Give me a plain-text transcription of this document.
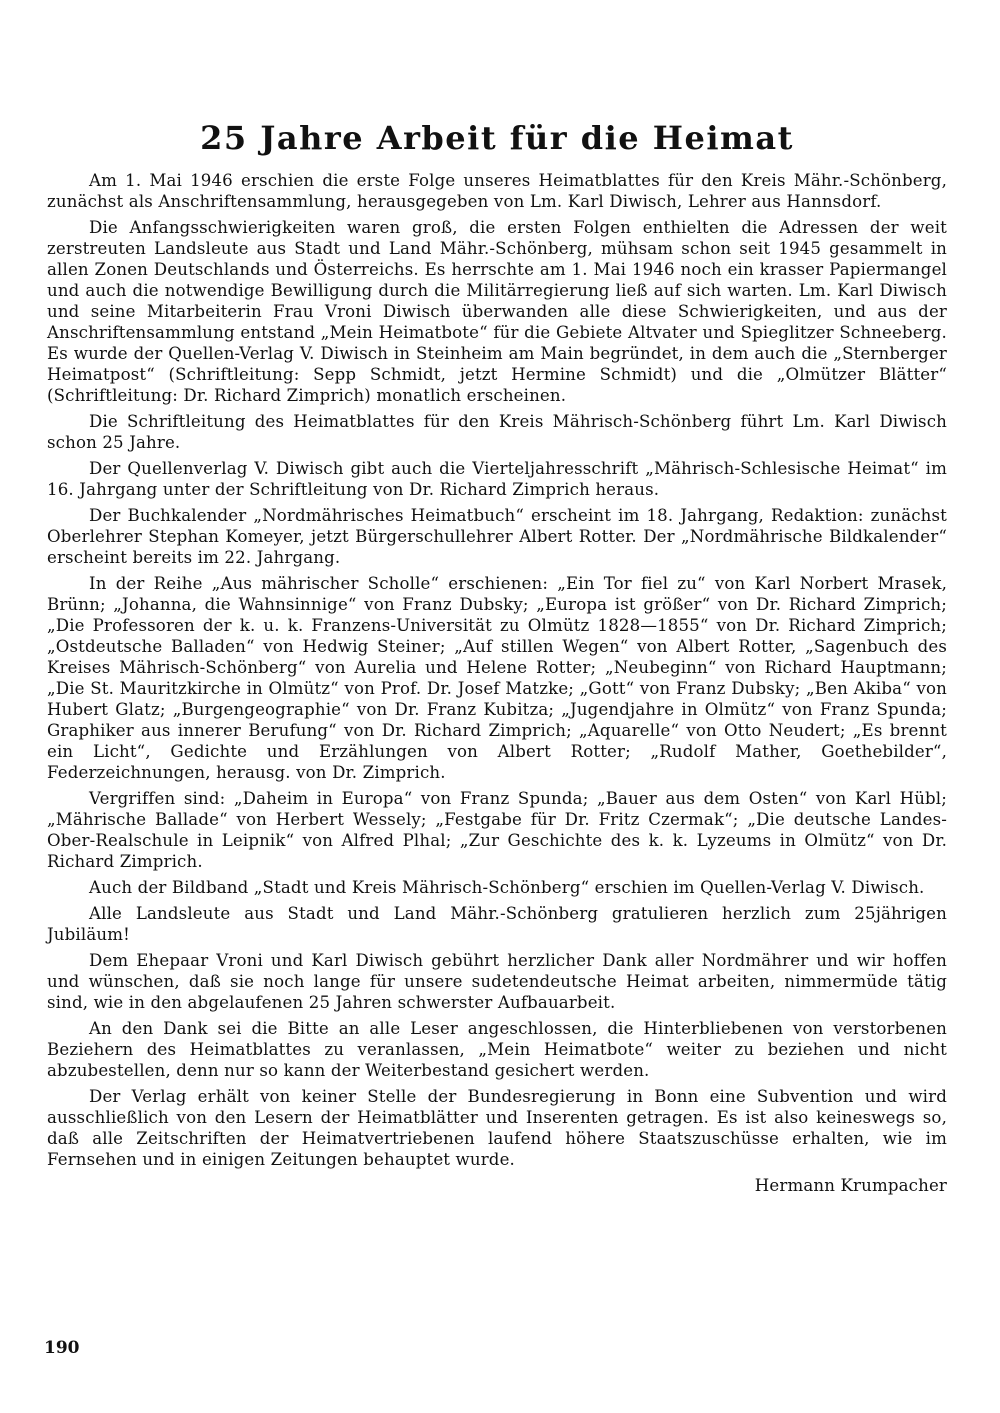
25 Jahre Arbeit für die Heimat

Am 1. Mai 1946 erschien die erste Folge unseres Heimatblattes für den Kreis Mähr.-Schönberg, zunächst als Anschriftensammlung, herausgegeben von Lm. Karl Diwisch, Lehrer aus Hannsdorf.

Die Anfangsschwierigkeiten waren groß, die ersten Folgen enthielten die Adressen der weit zerstreuten Landsleute aus Stadt und Land Mähr.-Schönberg, mühsam schon seit 1945 gesammelt in allen Zonen Deutschlands und Österreichs. Es herrschte am 1. Mai 1946 noch ein krasser Papiermangel und auch die notwendige Bewilligung durch die Militärregierung ließ auf sich warten. Lm. Karl Diwisch und seine Mitarbeiterin Frau Vroni Diwisch überwanden alle diese Schwierigkeiten, und aus der Anschriftensammlung entstand „Mein Heimatbote“ für die Gebiete Altvater und Spieglitzer Schneeberg. Es wurde der Quellen-Verlag V. Diwisch in Steinheim am Main begründet, in dem auch die „Sternberger Heimatpost“ (Schriftleitung: Sepp Schmidt, jetzt Hermine Schmidt) und die „Olmützer Blätter“ (Schriftleitung: Dr. Richard Zimprich) monatlich erscheinen.

Die Schriftleitung des Heimatblattes für den Kreis Mährisch-Schönberg führt Lm. Karl Diwisch schon 25 Jahre.

Der Quellenverlag V. Diwisch gibt auch die Vierteljahresschrift „Mährisch-Schlesische Heimat“ im 16. Jahrgang unter der Schriftleitung von Dr. Richard Zimprich heraus.

Der Buchkalender „Nordmährisches Heimatbuch“ erscheint im 18. Jahrgang, Redaktion: zunächst Oberlehrer Stephan Komeyer, jetzt Bürgerschullehrer Albert Rotter. Der „Nordmährische Bildkalender“ erscheint bereits im 22. Jahrgang.

In der Reihe „Aus mährischer Scholle“ erschienen: „Ein Tor fiel zu“ von Karl Norbert Mrasek, Brünn; „Johanna, die Wahnsinnige“ von Franz Dubsky; „Europa ist größer“ von Dr. Richard Zimprich; „Die Professoren der k. u. k. Franzens-Universität zu Olmütz 1828—1855“ von Dr. Richard Zimprich; „Ostdeutsche Balladen“ von Hedwig Steiner; „Auf stillen Wegen“ von Albert Rotter, „Sagenbuch des Kreises Mährisch-Schönberg“ von Aurelia und Helene Rotter; „Neubeginn“ von Richard Hauptmann; „Die St. Mauritzkirche in Olmütz“ von Prof. Dr. Josef Matzke; „Gott“ von Franz Dubsky; „Ben Akiba“ von Hubert Glatz; „Burgengeographie“ von Dr. Franz Kubitza; „Jugendjahre in Olmütz“ von Franz Spunda; Graphiker aus innerer Berufung“ von Dr. Richard Zimprich; „Aquarelle“ von Otto Neudert; „Es brennt ein Licht“, Gedichte und Erzählungen von Albert Rotter; „Rudolf Mather, Goethebilder“, Federzeichnungen, herausg. von Dr. Zimprich.

Vergriffen sind: „Daheim in Europa“ von Franz Spunda; „Bauer aus dem Osten“ von Karl Hübl; „Mährische Ballade“ von Herbert Wessely; „Festgabe für Dr. Fritz Czermak“; „Die deutsche Landes-Ober-Realschule in Leipnik“ von Alfred Plhal; „Zur Geschichte des k. k. Lyzeums in Olmütz“ von Dr. Richard Zimprich.

Auch der Bildband „Stadt und Kreis Mährisch-Schönberg“ erschien im Quellen-Verlag V. Diwisch.

Alle Landsleute aus Stadt und Land Mähr.-Schönberg gratulieren herzlich zum 25jährigen Jubiläum!

Dem Ehepaar Vroni und Karl Diwisch gebührt herzlicher Dank aller Nordmährer und wir hoffen und wünschen, daß sie noch lange für unsere sudetendeutsche Heimat arbeiten, nimmermüde tätig sind, wie in den abgelaufenen 25 Jahren schwerster Aufbauarbeit.

An den Dank sei die Bitte an alle Leser angeschlossen, die Hinterbliebenen von verstorbenen Beziehern des Heimatblattes zu veranlassen, „Mein Heimatbote“ weiter zu beziehen und nicht abzubestellen, denn nur so kann der Weiterbestand gesichert werden.

Der Verlag erhält von keiner Stelle der Bundesregierung in Bonn eine Subvention und wird ausschließlich von den Lesern der Heimatblätter und Inserenten getragen. Es ist also keineswegs so, daß alle Zeitschriften der Heimatvertriebenen laufend höhere Staatszuschüsse erhalten, wie im Fernsehen und in einigen Zeitungen behauptet wurde.

Hermann Krumpacher

190
